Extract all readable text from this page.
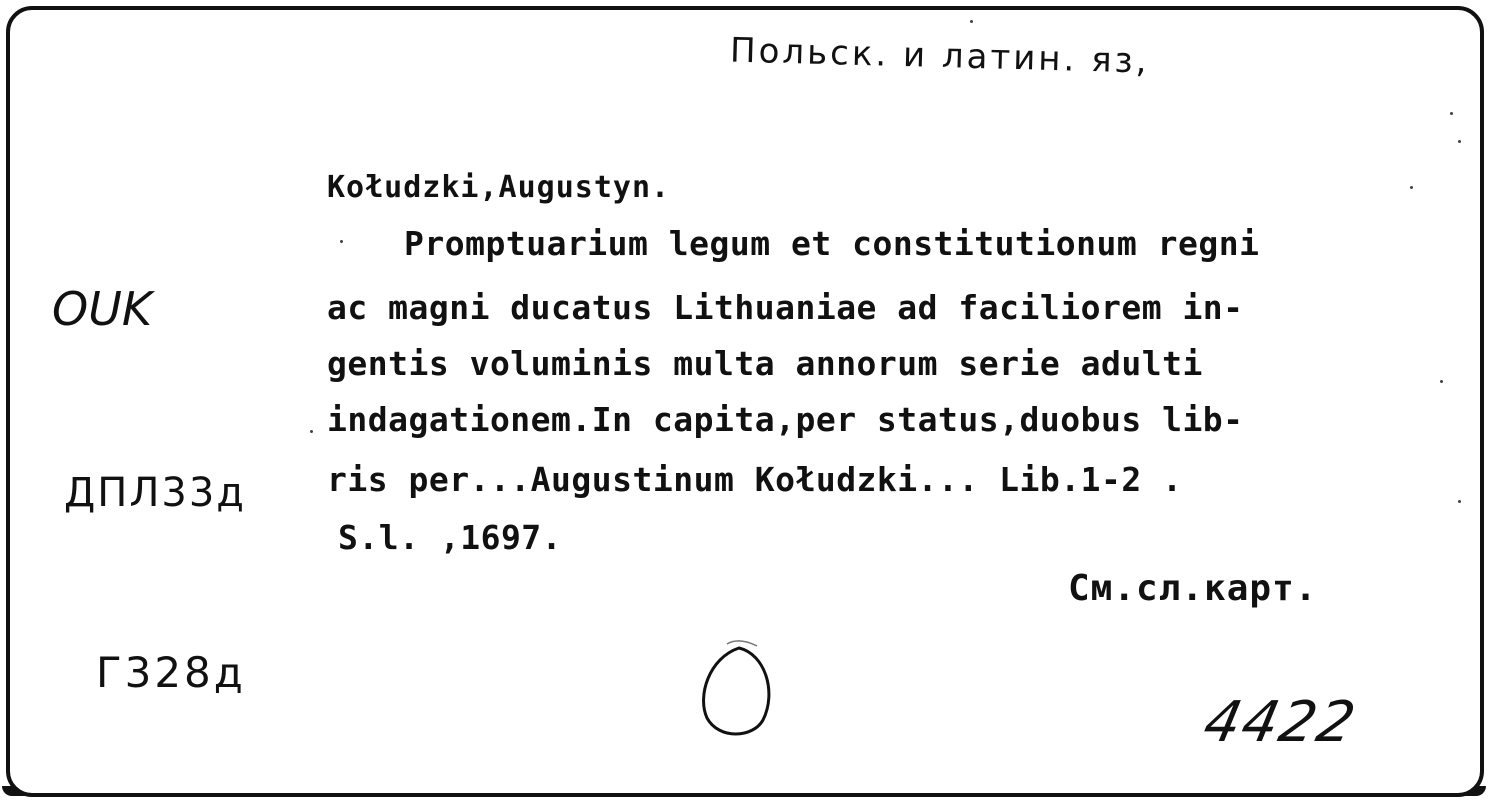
Польск. и латин. яз,
Kołudzki,Augustyn.
Promptuarium legum et constitutionum regni
ac magni ducatus Lithuaniae ad faciliorem in-
gentis voluminis multa annorum serie adulti
indagationem.In capita,per status,duobus lib-
ris per...Augustinum Kołudzki... Lib.1-2 .
S.l. ,1697.
См.сл.карт.
OUK
ДПЛ33д
Г328д
4422
